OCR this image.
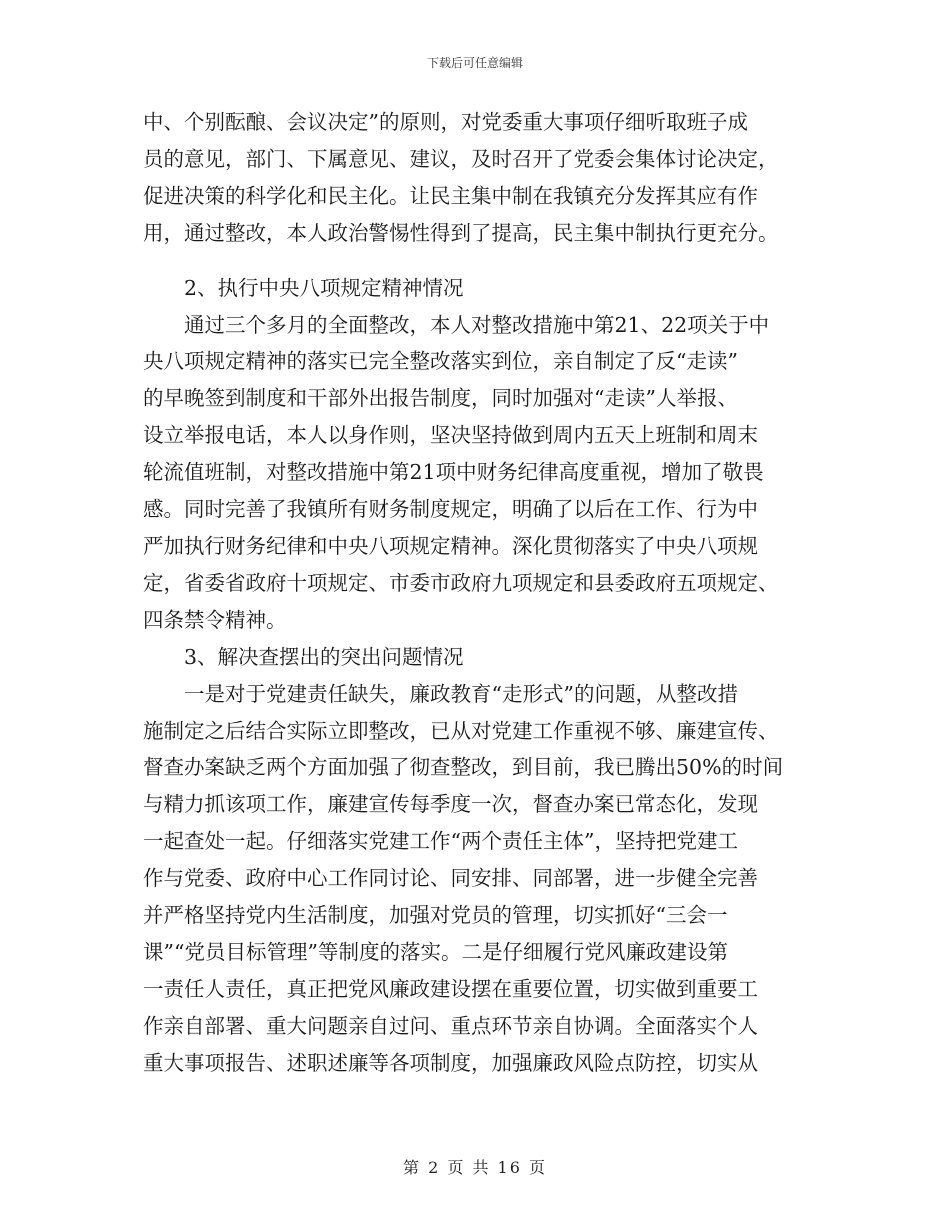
下载后可任意编辑

中、个别酝酿、会议决定”的原则，对党委重大事项仔细听取班子成
员的意见，部门、下属意见、建议，及时召开了党委会集体讨论决定，
促进决策的科学化和民主化。让民主集中制在我镇充分发挥其应有作
用，通过整改，本人政治警惕性得到了提高，民主集中制执行更充分。

2、执行中央八项规定精神情况

通过三个多月的全面整改，本人对整改措施中第21、22项关于中
央八项规定精神的落实已完全整改落实到位，亲自制定了反“走读”
的早晚签到制度和干部外出报告制度，同时加强对“走读”人举报、
设立举报电话，本人以身作则，坚决坚持做到周内五天上班制和周末
轮流值班制，对整改措施中第21项中财务纪律高度重视，增加了敬畏
感。同时完善了我镇所有财务制度规定，明确了以后在工作、行为中
严加执行财务纪律和中央八项规定精神。深化贯彻落实了中央八项规
定，省委省政府十项规定、市委市政府九项规定和县委政府五项规定、
四条禁令精神。

3、解决查摆出的突出问题情况

一是对于党建责任缺失，廉政教育“走形式”的问题，从整改措
施制定之后结合实际立即整改，已从对党建工作重视不够、廉建宣传、
督查办案缺乏两个方面加强了彻查整改，到目前，我已腾出50%的时间
与精力抓该项工作，廉建宣传每季度一次，督查办案已常态化，发现
一起查处一起。仔细落实党建工作“两个责任主体”，坚持把党建工
作与党委、政府中心工作同讨论、同安排、同部署，进一步健全完善
并严格坚持党内生活制度，加强对党员的管理，切实抓好“三会一
课”“党员目标管理”等制度的落实。二是仔细履行党风廉政建设第
一责任人责任，真正把党风廉政建设摆在重要位置，切实做到重要工
作亲自部署、重大问题亲自过问、重点环节亲自协调。全面落实个人
重大事项报告、述职述廉等各项制度，加强廉政风险点防控，切实从

第 2 页 共 16 页
